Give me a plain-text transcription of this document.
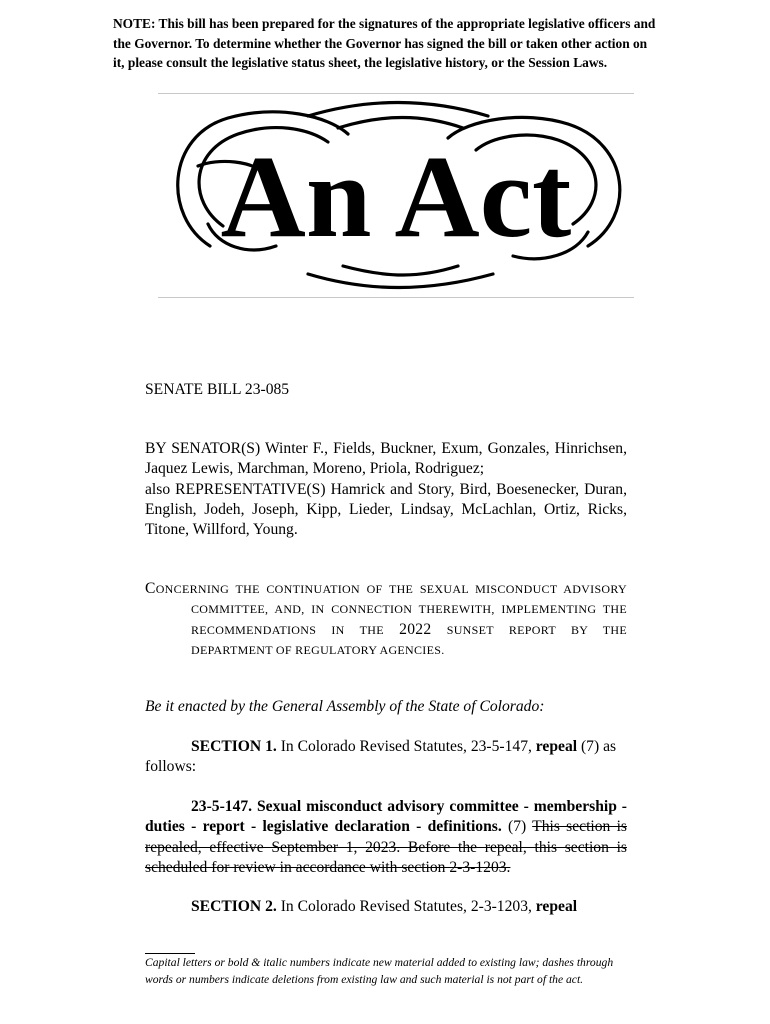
NOTE: This bill has been prepared for the signatures of the appropriate legislative officers and the Governor. To determine whether the Governor has signed the bill or taken other action on it, please consult the legislative status sheet, the legislative history, or the Session Laws.
An Act
SENATE BILL 23-085
BY SENATOR(S) Winter F., Fields, Buckner, Exum, Gonzales, Hinrichsen, Jaquez Lewis, Marchman, Moreno, Priola, Rodriguez;
also REPRESENTATIVE(S) Hamrick and Story, Bird, Boesenecker, Duran, English, Jodeh, Joseph, Kipp, Lieder, Lindsay, McLachlan, Ortiz, Ricks, Titone, Willford, Young.
CONCERNING THE CONTINUATION OF THE SEXUAL MISCONDUCT ADVISORY COMMITTEE, AND, IN CONNECTION THEREWITH, IMPLEMENTING THE RECOMMENDATIONS IN THE 2022 SUNSET REPORT BY THE DEPARTMENT OF REGULATORY AGENCIES.
Be it enacted by the General Assembly of the State of Colorado:
SECTION 1. In Colorado Revised Statutes, 23-5-147, repeal (7) as follows:
23-5-147. Sexual misconduct advisory committee - membership - duties - report - legislative declaration - definitions. (7) This section is repealed, effective September 1, 2023. Before the repeal, this section is scheduled for review in accordance with section 2-3-1203.
SECTION 2. In Colorado Revised Statutes, 2-3-1203, repeal
Capital letters or bold & italic numbers indicate new material added to existing law; dashes through words or numbers indicate deletions from existing law and such material is not part of the act.
